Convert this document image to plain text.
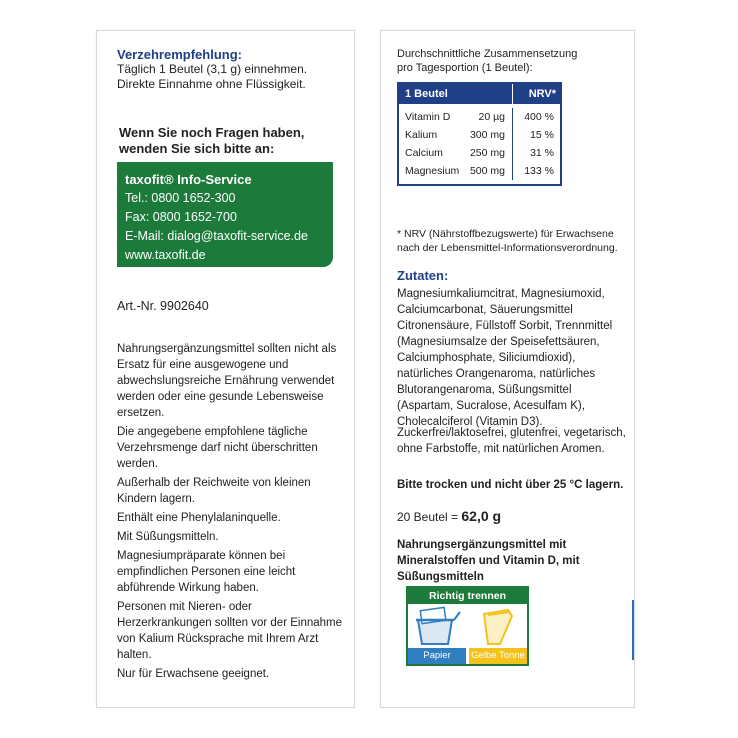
Verzehrempfehlung:

Täglich 1 Beutel (3,1 g) einnehmen.

Direkte Einnahme ohne Flüssigkeit.

Wenn Sie noch Fragen haben,
wenden Sie sich bitte an:
taxofit® Info-Service
Tel.: 0800 1652-300
Fax: 0800 1652-700
E-Mail: dialog@taxofit-service.de
www.taxofit.de
Art.-Nr. 9902640

Nahrungsergänzungsmittel sollten nicht als Ersatz für eine ausgewogene und abwechslungsreiche Ernährung verwendet werden oder eine gesunde Lebensweise ersetzen.

Die angegebene empfohlene tägliche Verzehrsmenge darf nicht überschritten werden.

Außerhalb der Reichweite von kleinen Kindern lagern.

Enthält eine Phenylalaninquelle.

Mit Süßungsmitteln.

Magnesiumpräparate können bei empfindlichen Personen eine leicht abführende Wirkung haben.

Personen mit Nieren- oder Herzerkrankungen sollten vor der Einnahme von Kalium Rücksprache mit Ihrem Arzt halten.

Nur für Erwachsene geeignet.

Durchschnittliche Zusammensetzung

pro Tagesportion (1 Beutel):

1 Beutel	NRV*
Vitamin D	20 µg	400 %
Kalium	300 mg	15 %
Calcium	250 mg	31 %
Magnesium 500 mg	133 %
* NRV (Nährstoffbezugswerte) für Erwachsene nach der Lebensmittel-Informationsverordnung.

Zutaten:

Magnesiumkaliumcitrat, Magnesiumoxid, Calciumcarbonat, Säuerungsmittel Citronensäure, Füllstoff Sorbit, Trennmittel (Magnesiumsalze der Speisefettsäuren, Calciumphosphate, Siliciumdioxid), natürliches Orangenaroma, natürliches Blutorangenaroma, Süßungsmittel (Aspartam, Sucralose, Acesulfam K), Cholecalciferol (Vitamin D3).
Zuckerfrei/laktosefrei, glutenfrei, vegetarisch, ohne Farbstoffe, mit natürlichen Aromen.
Bitte trocken und nicht über 25 °C lagern.
20 Beutel = 62,0 g
Nahrungsergänzungsmittel mit Mineralstoffen und Vitamin D, mit Süßungsmitteln
Richtig trennen
Papier	Gelbe Tonne
